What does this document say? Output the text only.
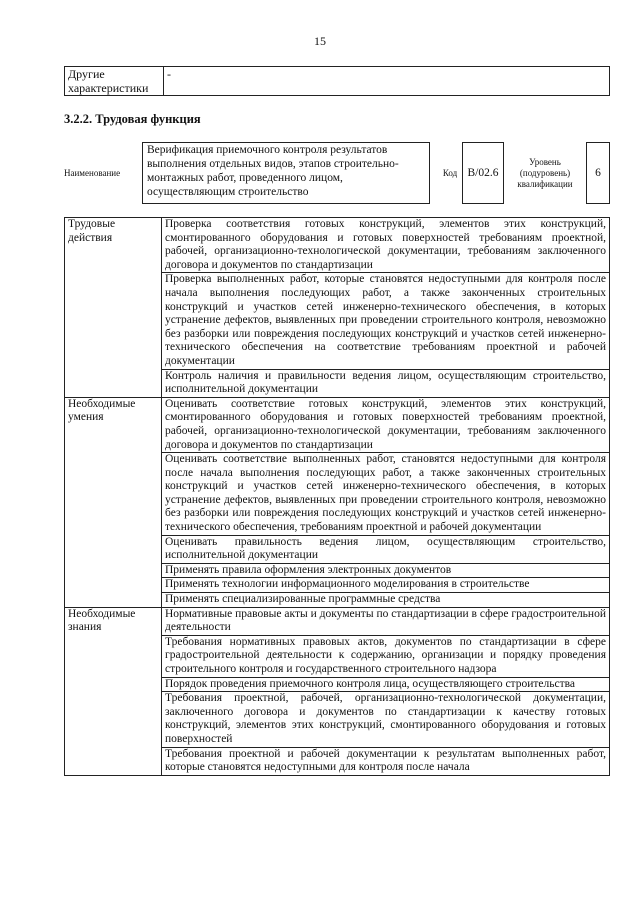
15
Другие характеристики	-
3.2.2. Трудовая функция
Наименование	Верификация приемочного контроля результатов выполнения отдельных видов, этапов строительно-монтажных работ, проведенного лицом, осуществляющим строительство		Код	В/02.6		Уровень (подуровень) квалификации		6
Трудовые действия	Проверка соответствия готовых конструкций, элементов этих конструкций, смонтированного оборудования и готовых поверхностей требованиям проектной, рабочей, организационно-технологической документации, требованиям заключенного договора и документов по стандартизации
	Проверка выполненных работ, которые становятся недоступными для контроля после начала выполнения последующих работ, а также законченных строительных конструкций и участков сетей инженерно-технического обеспечения, в которых устранение дефектов, выявленных при проведении строительного контроля, невозможно без разборки или повреждения последующих конструкций и участков сетей инженерно-технического обеспечения на соответствие требованиям проектной и рабочей документации
	Контроль наличия и правильности ведения лицом, осуществляющим строительство, исполнительной документации
Необходимые умения	Оценивать соответствие готовых конструкций, элементов этих конструкций, смонтированного оборудования и готовых поверхностей требованиям проектной, рабочей, организационно-технологической документации, требованиям заключенного договора и документов по стандартизации
	Оценивать соответствие выполненных работ, становятся недоступными для контроля после начала выполнения последующих работ, а также законченных строительных конструкций и участков сетей инженерно-технического обеспечения, в которых устранение дефектов, выявленных при проведении строительного контроля, невозможно без разборки или повреждения последующих конструкций и участков сетей инженерно-технического обеспечения, требованиям проектной и рабочей документации
	Оценивать правильность ведения лицом, осуществляющим строительство, исполнительной документации
	Применять правила оформления электронных документов
	Применять технологии информационного моделирования в строительстве
	Применять специализированные программные средства
Необходимые знания	Нормативные правовые акты и документы по стандартизации в сфере градостроительной деятельности
	Требования нормативных правовых актов, документов по стандартизации в сфере градостроительной деятельности к содержанию, организации и порядку проведения строительного контроля и государственного строительного надзора
	Порядок проведения приемочного контроля лица, осуществляющего строительства
	Требования проектной, рабочей, организационно-технологической документации, заключенного договора и документов по стандартизации к качеству готовых конструкций, элементов этих конструкций, смонтированного оборудования и готовых поверхностей
	Требования проектной и рабочей документации к результатам выполненных работ, которые становятся недоступными для контроля после начала
